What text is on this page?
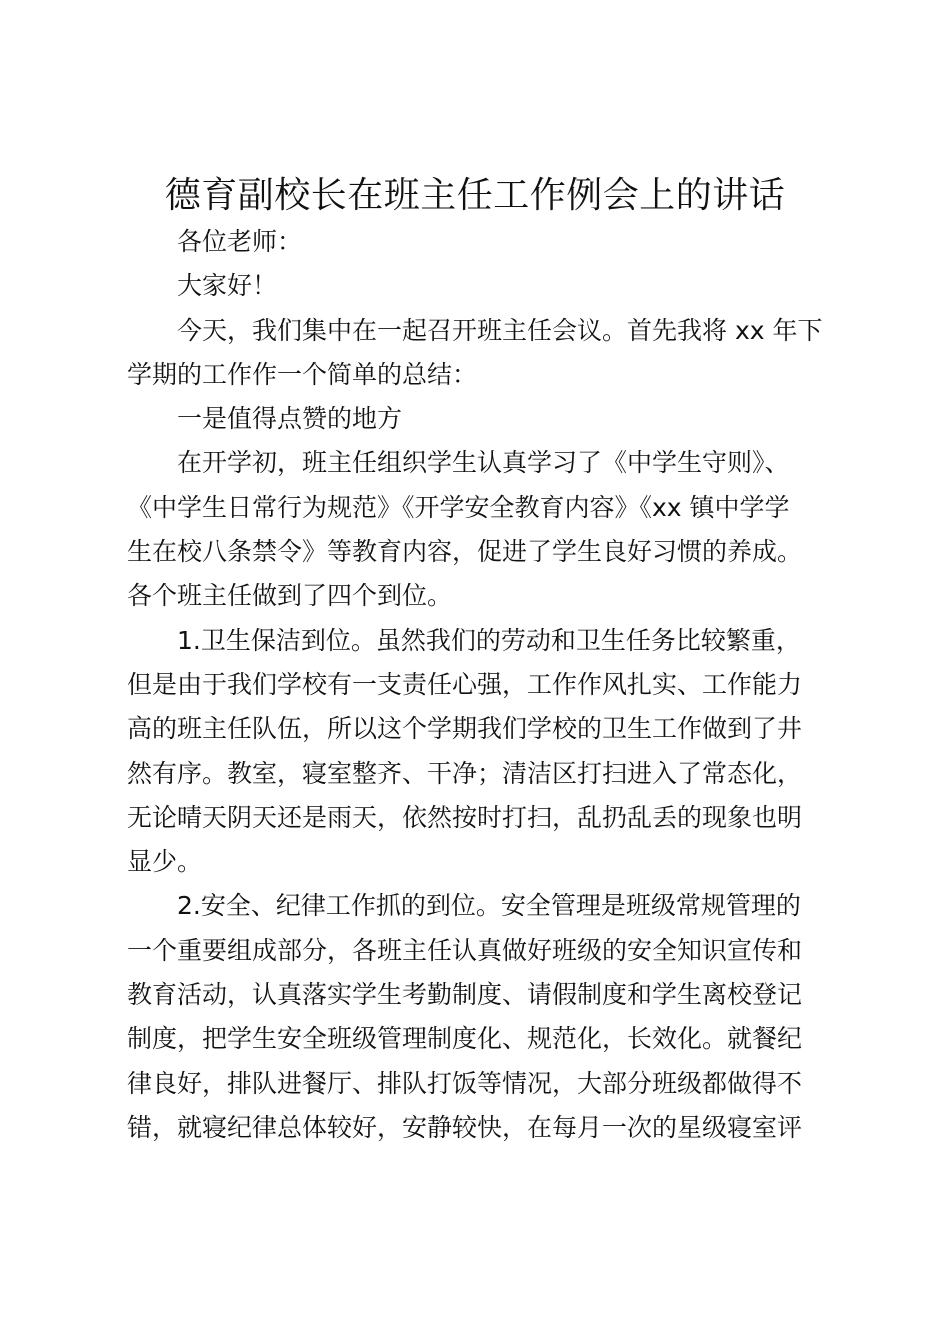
德育副校长在班主任工作例会上的讲话
各位老师：
大家好！
今天，我们集中在一起召开班主任会议。首先我将 xx 年下
学期的工作作一个简单的总结：
一是值得点赞的地方
在开学初，班主任组织学生认真学习了《中学生守则》、
《中学生日常行为规范》《开学安全教育内容》《xx 镇中学学
生在校八条禁令》等教育内容，促进了学生良好习惯的养成。
各个班主任做到了四个到位。
1.卫生保洁到位。虽然我们的劳动和卫生任务比较繁重，
但是由于我们学校有一支责任心强，工作作风扎实、工作能力
高的班主任队伍，所以这个学期我们学校的卫生工作做到了井
然有序。教室，寝室整齐、干净；清洁区打扫进入了常态化，
无论晴天阴天还是雨天，依然按时打扫，乱扔乱丢的现象也明
显少。
2.安全、纪律工作抓的到位。安全管理是班级常规管理的
一个重要组成部分，各班主任认真做好班级的安全知识宣传和
教育活动，认真落实学生考勤制度、请假制度和学生离校登记
制度，把学生安全班级管理制度化、规范化，长效化。就餐纪
律良好，排队进餐厅、排队打饭等情况，大部分班级都做得不
错，就寝纪律总体较好，安静较快，在每月一次的星级寝室评
